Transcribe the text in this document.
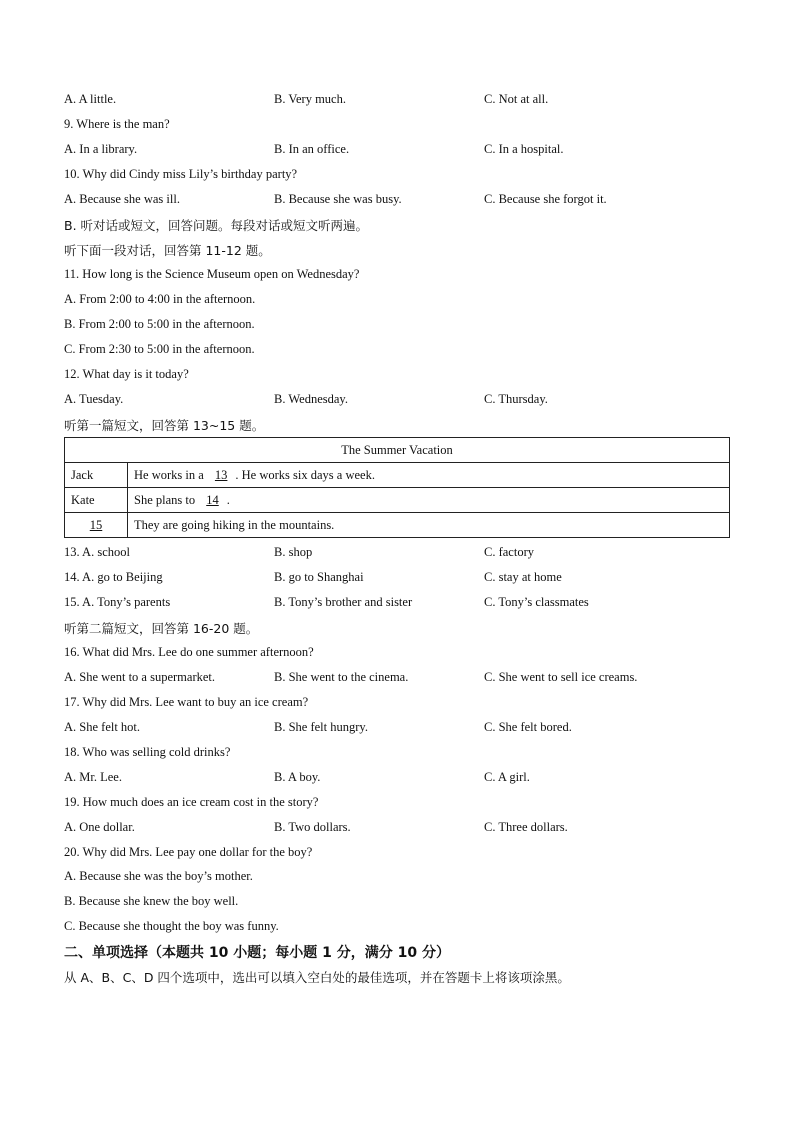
A. A little.	B. Very much.	C. Not at all.
9. Where is the man?
A. In a library.	B. In an office.	C. In a hospital.
10. Why did Cindy miss Lily’s birthday party?
A. Because she was ill.	B. Because she was busy.	C. Because she forgot it.
B. 听对话或短文，回答问题。每段对话或短文听两遍。
听下面一段对话，回答第 11-12 题。
11. How long is the Science Museum open on Wednesday?
A. From 2:00 to 4:00 in the afternoon.
B. From 2:00 to 5:00 in the afternoon.
C. From 2:30 to 5:00 in the afternoon.
12. What day is it today?
A. Tuesday.	B. Wednesday.	C. Thursday.
听第一篇短文，回答第 13~15 题。
The Summer Vacation	
Jack	He works in a 13 . He works six days a week.
Kate	She plans to 14 .
15	They are going hiking in the mountains.
13. A. school	B. shop	C. factory
14. A. go to Beijing	B. go to Shanghai	C. stay at home
15. A. Tony’s parents	B. Tony’s brother and sister	C. Tony’s classmates
听第二篇短文，回答第 16-20 题。
16. What did Mrs. Lee do one summer afternoon?
A. She went to a supermarket.	B. She went to the cinema.	C. She went to sell ice creams.
17. Why did Mrs. Lee want to buy an ice cream?
A. She felt hot.	B. She felt hungry.	C. She felt bored.
18. Who was selling cold drinks?
A. Mr. Lee.	B. A boy.	C. A girl.
19. How much does an ice cream cost in the story?
A. One dollar.	B. Two dollars.	C. Three dollars.
20. Why did Mrs. Lee pay one dollar for the boy?
A. Because she was the boy’s mother.
B. Because she knew the boy well.
C. Because she thought the boy was funny.
二、单项选择（本题共 10 小题；每小题 1 分，满分 10 分）
从 A、B、C、D 四个选项中，选出可以填入空白处的最佳选项，并在答题卡上将该项涂黑。
